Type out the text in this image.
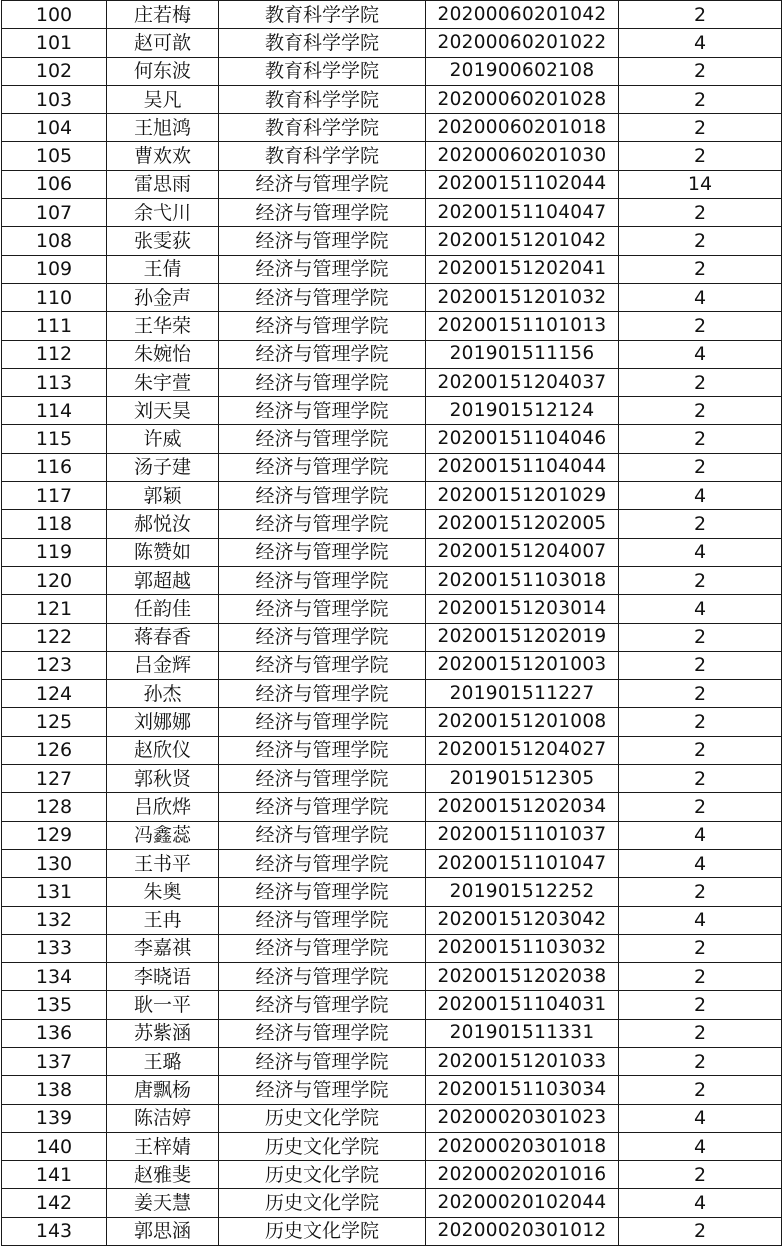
100	庄若梅	教育科学学院	20200060201042	2
101	赵可歆	教育科学学院	20200060201022	4
102	何东波	教育科学学院	201900602108	2
103	吴凡	教育科学学院	20200060201028	2
104	王旭鸿	教育科学学院	20200060201018	2
105	曹欢欢	教育科学学院	20200060201030	2
106	雷思雨	经济与管理学院	20200151102044	14
107	余弋川	经济与管理学院	20200151104047	2
108	张雯荻	经济与管理学院	20200151201042	2
109	王倩	经济与管理学院	20200151202041	2
110	孙金声	经济与管理学院	20200151201032	4
111	王华荣	经济与管理学院	20200151101013	2
112	朱婉怡	经济与管理学院	201901511156	4
113	朱宇萱	经济与管理学院	20200151204037	2
114	刘天昊	经济与管理学院	201901512124	2
115	许威	经济与管理学院	20200151104046	2
116	汤子建	经济与管理学院	20200151104044	2
117	郭颖	经济与管理学院	20200151201029	4
118	郝悦汝	经济与管理学院	20200151202005	2
119	陈赞如	经济与管理学院	20200151204007	4
120	郭超越	经济与管理学院	20200151103018	2
121	任韵佳	经济与管理学院	20200151203014	4
122	蒋春香	经济与管理学院	20200151202019	2
123	吕金辉	经济与管理学院	20200151201003	2
124	孙杰	经济与管理学院	201901511227	2
125	刘娜娜	经济与管理学院	20200151201008	2
126	赵欣仪	经济与管理学院	20200151204027	2
127	郭秋贤	经济与管理学院	201901512305	2
128	吕欣烨	经济与管理学院	20200151202034	2
129	冯鑫蕊	经济与管理学院	20200151101037	4
130	王书平	经济与管理学院	20200151101047	4
131	朱奥	经济与管理学院	201901512252	2
132	王冉	经济与管理学院	20200151203042	4
133	李嘉祺	经济与管理学院	20200151103032	2
134	李晓语	经济与管理学院	20200151202038	2
135	耿一平	经济与管理学院	20200151104031	2
136	苏紫涵	经济与管理学院	201901511331	2
137	王璐	经济与管理学院	20200151201033	2
138	唐飘杨	经济与管理学院	20200151103034	2
139	陈洁婷	历史文化学院	20200020301023	4
140	王梓婧	历史文化学院	20200020301018	4
141	赵雅斐	历史文化学院	20200020201016	2
142	姜天慧	历史文化学院	20200020102044	4
143	郭思涵	历史文化学院	20200020301012	2
